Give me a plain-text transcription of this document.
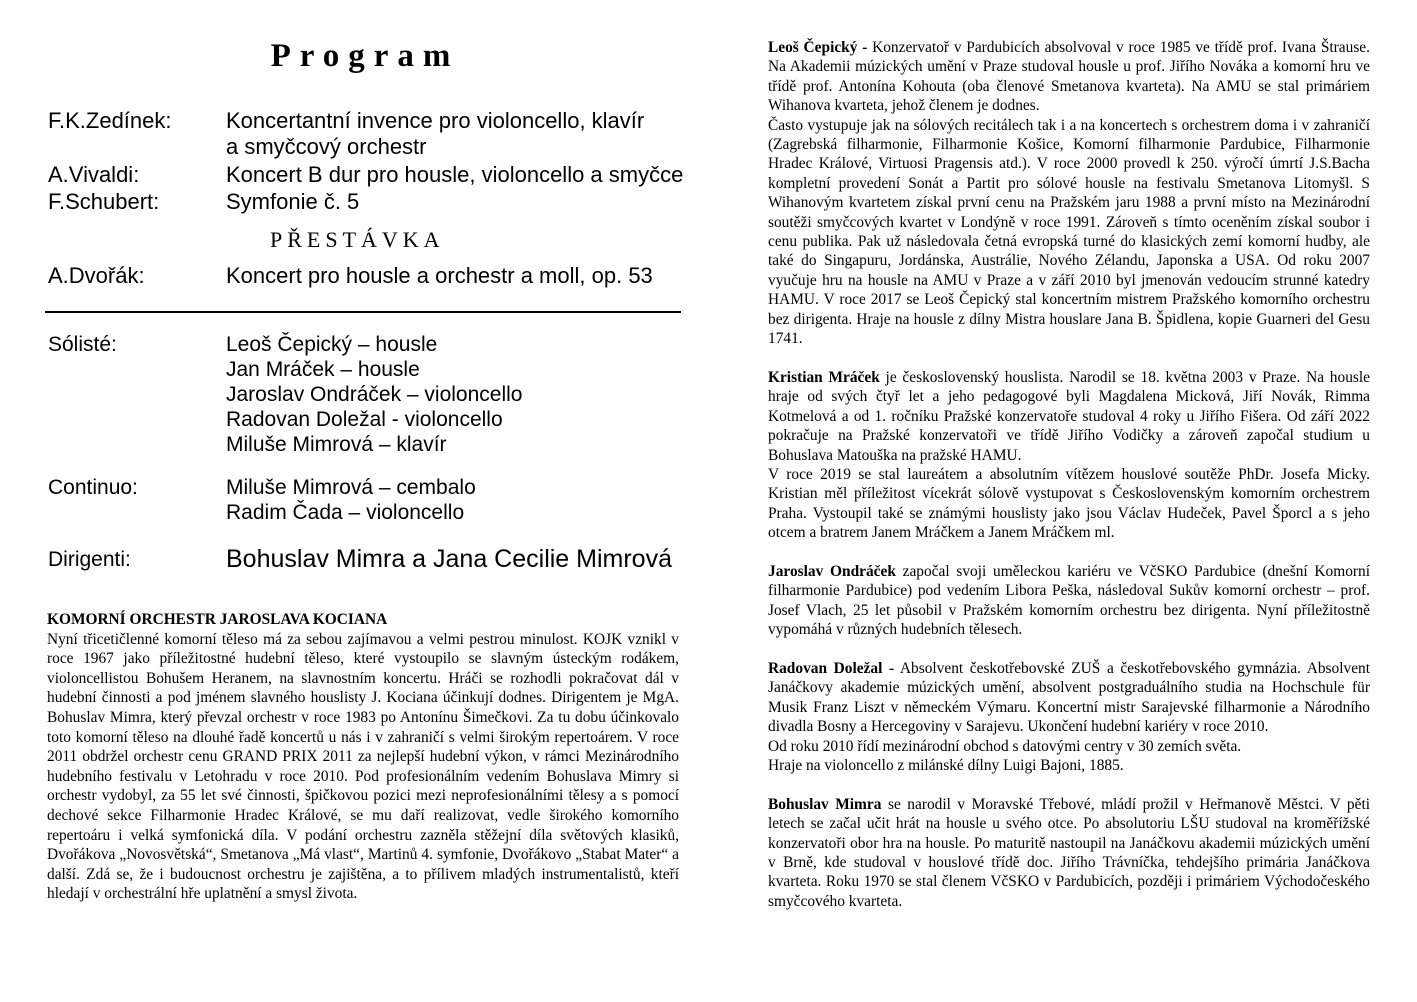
Program
F.K.Zedínek: Koncertantní invence pro violoncello, klavír
a smyčcový orchestr
A.Vivaldi:	Koncert B dur pro housle, violoncello a smyčce
F.Schubert:	Symfonie č. 5
PŘESTÁVKA
A.Dvořák:	Koncert pro housle a orchestr a moll, op. 53
Sólisté:	Leoš Čepický – housle
Jan Mráček – housle
Jaroslav Ondráček – violoncello
Radovan Doležal - violoncello
Miluše Mimrová – klavír
Continuo:	Miluše Mimrová – cembalo
Radim Čada – violoncello
Dirigenti:	Bohuslav Mimra a Jana Cecilie Mimrová
KOMORNÍ ORCHESTR JAROSLAVA KOCIANA

Nyní třicetičlenné komorní těleso má za sebou zajímavou a velmi pestrou minulost. KOJK vznikl v roce 1967 jako příležitostné hudební těleso, které vystoupilo se slavným ústeckým rodákem, violoncellistou Bohušem Heranem, na slavnostním koncertu. Hráči se rozhodli pokračovat dál v hudební činnosti a pod jménem slavného houslisty J. Kociana účinkují dodnes. Dirigentem je MgA. Bohuslav Mimra, který převzal orchestr v roce 1983 po Antonínu Šimečkovi. Za tu dobu účinkovalo toto komorní těleso na dlouhé řadě koncertů u nás i v zahraničí s velmi širokým repertoárem. V roce 2011 obdržel orchestr cenu GRAND PRIX 2011 za nejlepší hudební výkon, v rámci Mezinárodního hudebního festivalu v Letohradu v roce 2010. Pod profesionálním vedením Bohuslava Mimry si orchestr vydobyl, za 55 let své činnosti, špičkovou pozici mezi neprofesionálními tělesy a s pomocí dechové sekce Filharmonie Hradec Králové, se mu daří realizovat, vedle širokého komorního repertoáru i velká symfonická díla. V podání orchestru zazněla stěžejní díla světových klasiků, Dvořákova „Novosvětská“, Smetanova „Má vlast“, Martinů 4. symfonie, Dvořákovo „Stabat Mater“ a další. Zdá se, že i budoucnost orchestru je zajištěna, a to přílivem mladých instrumentalistů, kteří hledají v orchestrální hře uplatnění a smysl života.

Leoš Čepický - Konzervatoř v Pardubicích absolvoval v roce 1985 ve třídě prof. Ivana Štrause. Na Akademii múzických umění v Praze studoval housle u prof. Jiřího Nováka a komorní hru ve třídě prof. Antonína Kohouta (oba členové Smetanova kvarteta). Na AMU se stal primáriem Wihanova kvarteta, jehož členem je dodnes.

Často vystupuje jak na sólových recitálech tak i a na koncertech s orchestrem doma i v zahraničí (Zagrebská filharmonie, Filharmonie Košice, Komorní filharmonie Pardubice, Filharmonie Hradec Králové, Virtuosi Pragensis atd.). V roce 2000 provedl k 250. výročí úmrtí J.S.Bacha kompletní provedení Sonát a Partit pro sólové housle na festivalu Smetanova Litomyšl. S Wihanovým kvartetem získal první cenu na Pražském jaru 1988 a první místo na Mezinárodní soutěži smyčcových kvartet v Londýně v roce 1991. Zároveň s tímto oceněním získal soubor i cenu publika. Pak už následovala četná evropská turné do klasických zemí komorní hudby, ale také do Singapuru, Jordánska, Austrálie, Nového Zélandu, Japonska a USA. Od roku 2007 vyučuje hru na housle na AMU v Praze a v září 2010 byl jmenován vedoucím strunné katedry HAMU. V roce 2017 se Leoš Čepický stal koncertním mistrem Pražského komorního orchestru bez dirigenta. Hraje na housle z dílny Mistra houslare Jana B. Špidlena, kopie Guarneri del Gesu 1741.

Kristian Mráček je československý houslista. Narodil se 18. května 2003 v Praze. Na housle hraje od svých čtyř let a jeho pedagogové byli Magdalena Micková, Jiří Novák, Rimma Kotmelová a od 1. ročníku Pražské konzervatoře studoval 4 roky u Jiřího Fišera. Od září 2022 pokračuje na Pražské konzervatoři ve třídě Jiřího Vodičky a zároveň započal studium u Bohuslava Matouška na pražské HAMU.

V roce 2019 se stal laureátem a absolutním vítězem houslové soutěže PhDr. Josefa Micky. Kristian měl příležitost vícekrát sólově vystupovat s Československým komorním orchestrem Praha. Vystoupil také se známými houslisty jako jsou Václav Hudeček, Pavel Šporcl a s jeho otcem a bratrem Janem Mráčkem a Janem Mráčkem ml.

Jaroslav Ondráček započal svoji uměleckou kariéru ve VčSKO Pardubice (dnešní Komorní filharmonie Pardubice) pod vedením Libora Peška, následoval Sukův komorní orchestr – prof. Josef Vlach, 25 let působil v Pražském komorním orchestru bez dirigenta. Nyní příležitostně vypomáhá v různých hudebních tělesech.

Radovan Doležal - Absolvent českotřebovské ZUŠ a českotřebovského gymnázia. Absolvent Janáčkovy akademie múzických umění, absolvent postgraduálního studia na Hochschule für Musik Franz Liszt v německém Výmaru. Koncertní mistr Sarajevské filharmonie a Národního divadla Bosny a Hercegoviny v Sarajevu. Ukončení hudební kariéry v roce 2010.

Od roku 2010 řídí mezinárodní obchod s datovými centry v 30 zemích světa.

Hraje na violoncello z milánské dílny Luigi Bajoni, 1885.

Bohuslav Mimra se narodil v Moravské Třebové, mládí prožil v Heřmanově Městci. V pěti letech se začal učit hrát na housle u svého otce. Po absolutoriu LŠU studoval na kroměřížské konzervatoři obor hra na housle. Po maturitě nastoupil na Janáčkovu akademii múzických umění v Brně, kde studoval v houslové třídě doc. Jiřího Trávníčka, tehdejšího primária Janáčkova kvarteta. Roku 1970 se stal členem VčSKO v Pardubicích, později i primáriem Východočeského smyčcového kvarteta.
